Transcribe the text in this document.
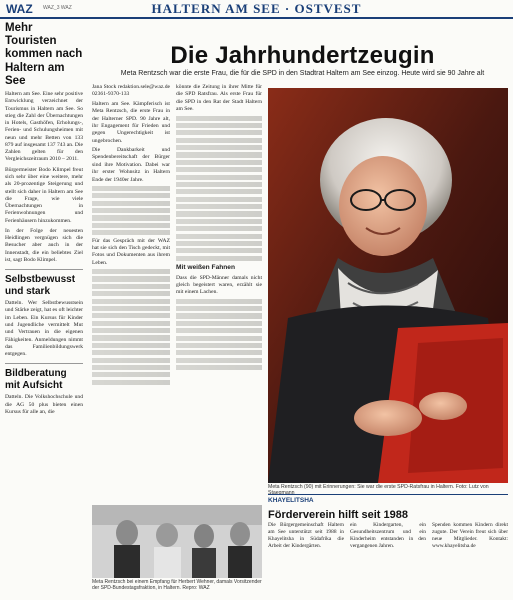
WAZ WAZ_3 WAZ	HALTERN AM SEE · OSTVEST
Mehr Touristen kommen nach Haltern am See

Haltern am See. Eine sehr positive Entwicklung verzeichnet der Tourismus in Haltern am See. So stieg die Zahl der Übernachtungen in Hotels, Gasthöfen, Erholungs-, Ferien- und Schulungsheimen mit neun und mehr Betten von 133 879 auf insgesamt 137 743 an. Die Zahlen gelten für den Vergleichszeitraum 2010 – 2011.

Bürgermeister Bodo Klimpel freut sich sehr über eine weitere, mehr als 20-prozentige Steigerung und stellt sich daher in Haltern am See die Frage, wie viele Übernachtungen in Ferienwohnungen und Ferienhäusern hinzukommen.

In der Folge der neuesten Heidlingen vergnügen sich die Besucher aber auch in der Innenstadt, die ein beliebtes Ziel ist, sagt Bodo Klimpel.

Selbstbewusst und stark

Datteln. Wer Selbstbewusstsein und Stärke zeigt, hat es oft leichter im Leben. Ein Kursus für Kinder und Jugendliche vermittelt Mut und Vertrauen in die eigenen Fähigkeiten. Anmeldungen nimmt das Familienbildungswerk entgegen.

Bildberatung mit Aufsicht

Datteln. Die Volkshochschule und die AG 50 plus bieten einen Kursus für alle an, die

Die Jahrhundertzeugin
Meta Rentzsch war die erste Frau, die für die SPD in den Stadtrat Haltern am See einzog. Heute wird sie 90 Jahre alt

Jana Stock redaktion.sele@waz.de 02361-9370-133

Haltern am See. Kämpferisch ist Meta Rentzsch, die erste Frau in der Halterner SPD. 90 Jahre alt, ihr Engagement für Frieden und gegen Ungerechtigkeit ist ungebrochen.

Die Dankbarkeit und Spendenbereitschaft der Bürger sind ihre Motivation. Dabei war ihr erster Wohnsitz in Haltern Ende der 1940er Jahre.

Für das Gespräch mit der WAZ hat sie sich den Tisch gedeckt, mit Fotos und Dokumenten aus ihrem Leben.

könnte die Zeitung in ihrer Mitte für die SPD Ratsfrau. Als erste Frau für die SPD in den Rat der Stadt Haltern am See.

Mit weißen Fahnen

Dass die SPD-Männer damals nicht gleich begeistert waren, erzählt sie mit einem Lachen.

Meta Rentzsch (90) mit Erinnerungen: Sie war die erste SPD-Ratsfrau in Haltern. Foto: Lutz von Staegmann
Meta Rentzsch bei einem Empfang für Herbert Wehner, damals Vorsitzender der SPD-Bundestagsfraktion, in Haltern. Repro: WAZ
KHAYELITSHA
Förderverein hilft seit 1988
Die Bürgergemeinschaft Haltern am See unterstützt seit 1988 in Khayelitsha in Südafrika die Arbeit der Kindergärten.
ein Kindergarten, ein Gesundheitszentrum und ein Kinderheim entstanden in den vergangenen Jahren.
Spenden kommen Kindern direkt zugute. Der Verein freut sich über neue Mitglieder. Kontakt: www.khayelitsha.de
